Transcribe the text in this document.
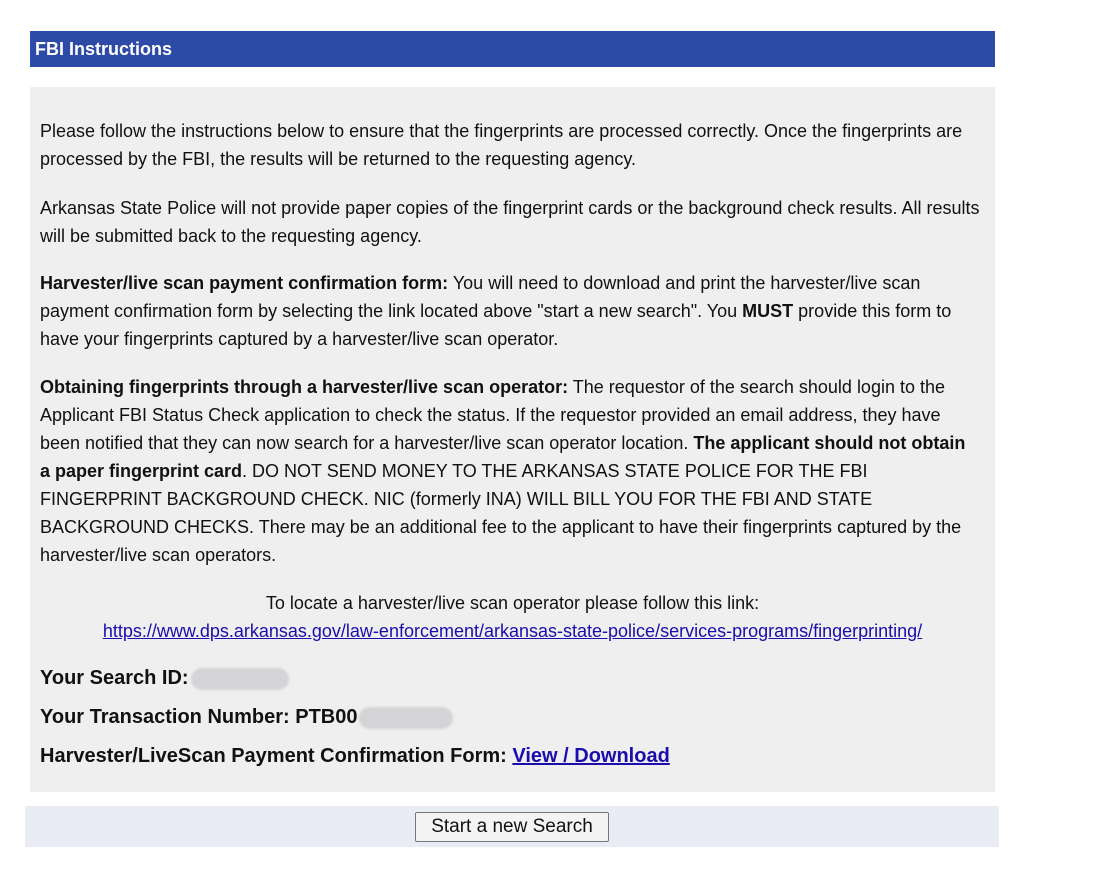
FBI Instructions

Please follow the instructions below to ensure that the fingerprints are processed correctly. Once the fingerprints are processed by the FBI, the results will be returned to the requesting agency.

Arkansas State Police will not provide paper copies of the fingerprint cards or the background check results. All results will be submitted back to the requesting agency.

Harvester/live scan payment confirmation form: You will need to download and print the harvester/live scan payment confirmation form by selecting the link located above "start a new search". You MUST provide this form to have your fingerprints captured by a harvester/live scan operator.

Obtaining fingerprints through a harvester/live scan operator: The requestor of the search should login to the Applicant FBI Status Check application to check the status. If the requestor provided an email address, they have been notified that they can now search for a harvester/live scan operator location. The applicant should not obtain a paper fingerprint card. DO NOT SEND MONEY TO THE ARKANSAS STATE POLICE FOR THE FBI FINGERPRINT BACKGROUND CHECK. NIC (formerly INA) WILL BILL YOU FOR THE FBI AND STATE BACKGROUND CHECKS. There may be an additional fee to the applicant to have their fingerprints captured by the harvester/live scan operators.

To locate a harvester/live scan operator please follow this link:
https://www.dps.arkansas.gov/law-enforcement/arkansas-state-police/services-programs/fingerprinting/
Your Search ID:
Your Transaction Number: PTB00
Harvester/LiveScan Payment Confirmation Form: View / Download
Start a new Search
